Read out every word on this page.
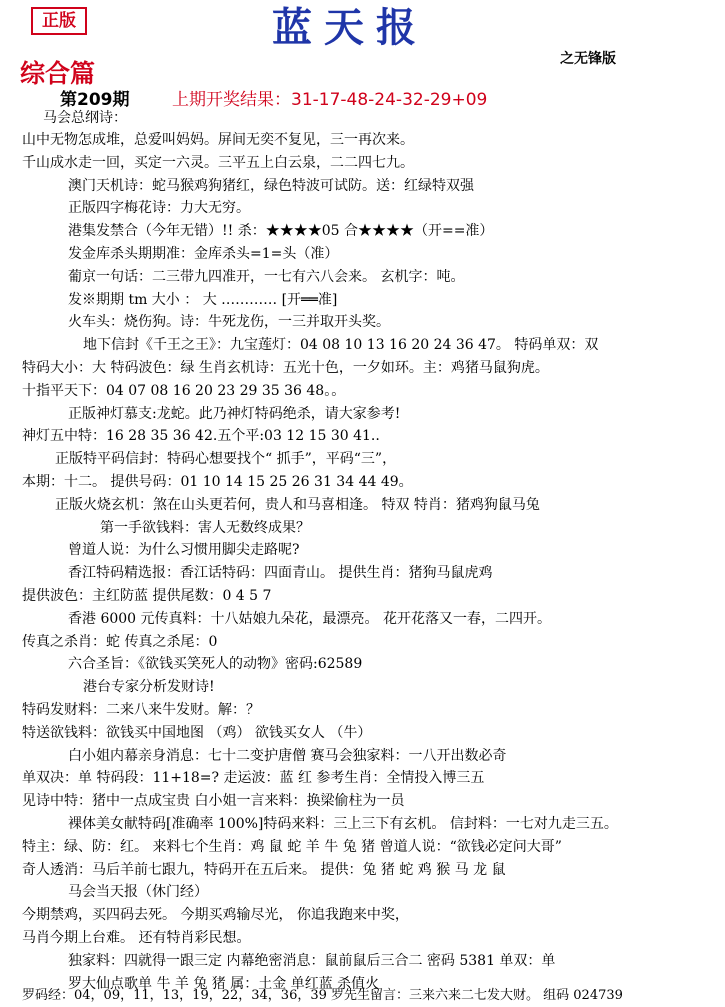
正版	蓝天报
之无锋版
综合篇
第209期	上期开奖结果：31-17-48-24-32-29+09
马会总纲诗：
山中无物怎成堆，总爱叫妈妈。屏间无奕不复见，三一再次来。
千山成水走一回，买定一六灵。三平五上白云泉，二二四七九。
澳门天机诗：蛇马猴鸡狗猪红，绿色特波可试防。送：红绿特双强
正版四字梅花诗：力大无穷。
港集发禁合（今年无错）!! 杀：★★★★05 合★★★★（开==准）
发金库杀头期期准：金库杀头=1=头（准）
葡京一句话：二三带九四准开，一七有六八会来。 玄机字：吨。
发※期期 tm 大小 ： 大 ………… [开══准]
火车头：烧伤狗。诗：牛死龙伤，一三并取开头奖。
地下信封《千王之王》：九宝莲灯：04 08 10 13 16 20 24 36 47。 特码单双：双
特码大小：大 特码波色：绿 生肖玄机诗：五光十色，一夕如环。主：鸡猪马鼠狗虎。
十指平天下：04 07 08 16 20 23 29 35 36 48。。
正版神灯慕支:龙蛇。此乃神灯特码绝杀，请大家参考!
神灯五中特：16 28 35 36 42.五个平:03 12 15 30 41..
正版特平码信封：特码心想要找个“ 抓手”，平码“三”，
本期：十二。 提供号码：01 10 14 15 25 26 31 34 44 49。
正版火烧玄机：煞在山头更若何，贵人和马喜相逢。 特双 特肖：猪鸡狗鼠马兔
第一手欲钱料：害人无数终成果？
曾道人说：为什么习惯用脚尖走路呢?
香江特码精选报：香江话特码：四面青山。 提供生肖：猪狗马鼠虎鸡
提供波色：主红防蓝 提供尾数：0 4 5 7
香港 6000 元传真料：十八姑娘九朵花，最漂亮。 花开花落又一春，二四开。
传真之杀肖：蛇 传真之杀尾：0
六合圣旨：《欲钱买笑死人的动物》密码:62589
港台专家分析发财诗!
特码发财料：二来八来牛发财。解：？
特送欲钱料：欲钱买中国地图 （鸡） 欲钱买女人 （牛）
白小姐内幕亲身消息：七十二变护唐僧 赛马会独家料：一八开出数必奇
单双决：单 特码段：11+18=? 走运波：蓝 红 参考生肖：全情投入博三五
见诗中特：猪中一点成宝贵 白小姐一言来料：换梁偷柱为一员
裸体美女献特码[准确率 100%]特码来料：三上三下有玄机。 信封料：一七对九走三五。
特主：绿、防：红。 来料七个生肖：鸡 鼠 蛇 羊 牛 兔 猪 曾道人说：“欲钱必定问大哥”
奇人透消：马后羊前七跟九，特码开在五后来。 提供：兔 猪 蛇 鸡 猴 马 龙 鼠
马会当天报（休门经）
今期禁鸡，买四码去死。 今期买鸡输尽光， 你追我跑来中奖，
马肖今期上台难。 还有特肖彩民想。
独家料：四就得一跟三定 内幕绝密消息：鼠前鼠后三合二 密码 5381 单双：单
罗大仙点歌单 牛 羊 兔 猪 属：土金 单红蓝 杀值火
罗码经：04，09，11，13，19，22，34，36，39 罗先生留言：三来六来二七发大财。 组码 024739
